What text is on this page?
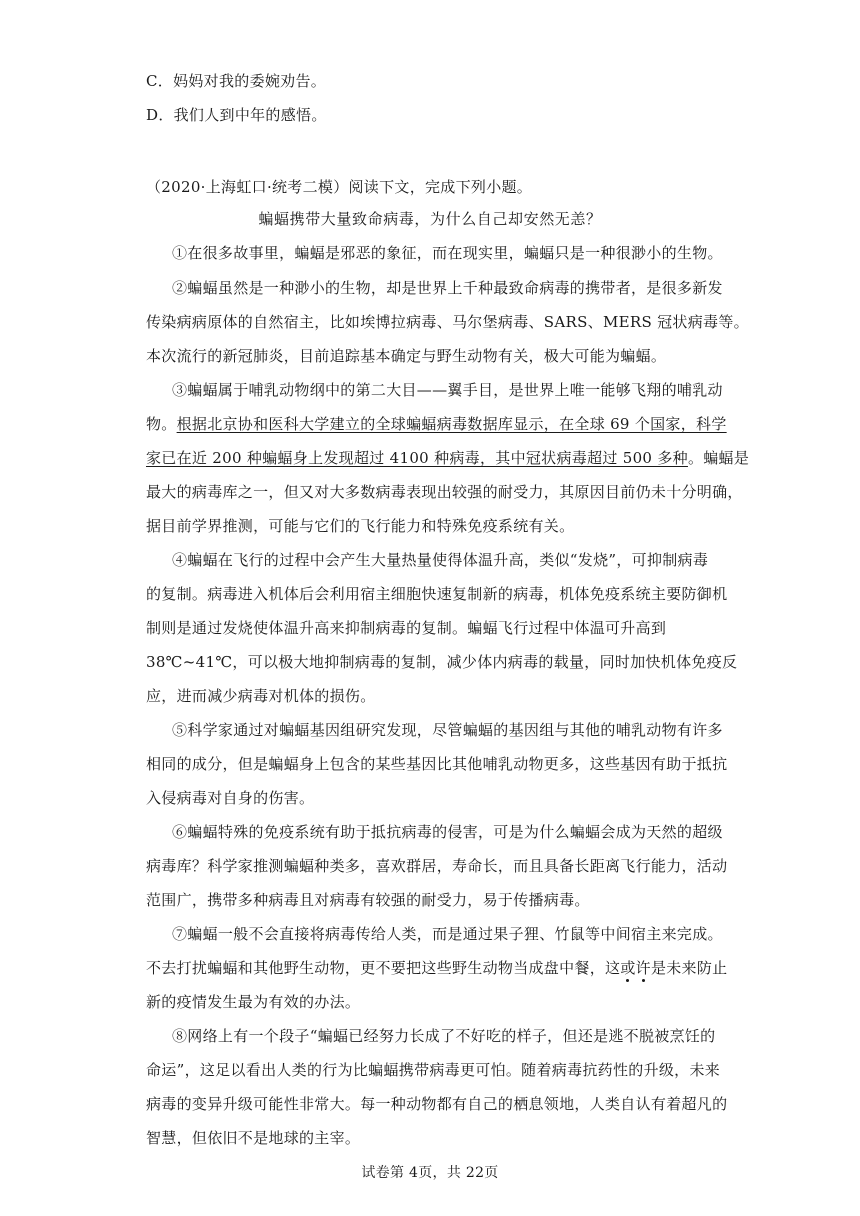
C．妈妈对我的委婉劝告。
D．我们人到中年的感悟。
（2020·上海虹口·统考二模）阅读下文，完成下列小题。
蝙蝠携带大量致命病毒，为什么自己却安然无恙？
①在很多故事里，蝙蝠是邪恶的象征，而在现实里，蝙蝠只是一种很渺小的生物。
②蝙蝠虽然是一种渺小的生物，却是世界上千种最致命病毒的携带者，是很多新发
传染病病原体的自然宿主，比如埃博拉病毒、马尔堡病毒、SARS、MERS 冠状病毒等。
本次流行的新冠肺炎，目前追踪基本确定与野生动物有关，极大可能为蝙蝠。
③蝙蝠属于哺乳动物纲中的第二大目——翼手目，是世界上唯一能够飞翔的哺乳动
物。根据北京协和医科大学建立的全球蝙蝠病毒数据库显示，在全球 69 个国家，科学
家已在近 200 种蝙蝠身上发现超过 4100 种病毒，其中冠状病毒超过 500 多种。蝙蝠是
最大的病毒库之一，但又对大多数病毒表现出较强的耐受力，其原因目前仍未十分明确，
据目前学界推测，可能与它们的飞行能力和特殊免疫系统有关。
④蝙蝠在飞行的过程中会产生大量热量使得体温升高，类似“发烧”，可抑制病毒
的复制。病毒进入机体后会利用宿主细胞快速复制新的病毒，机体免疫系统主要防御机
制则是通过发烧使体温升高来抑制病毒的复制。蝙蝠飞行过程中体温可升高到
38℃~41℃，可以极大地抑制病毒的复制，减少体内病毒的载量，同时加快机体免疫反
应，进而减少病毒对机体的损伤。
⑤科学家通过对蝙蝠基因组研究发现，尽管蝙蝠的基因组与其他的哺乳动物有许多
相同的成分，但是蝙蝠身上包含的某些基因比其他哺乳动物更多，这些基因有助于抵抗
入侵病毒对自身的伤害。
⑥蝙蝠特殊的免疫系统有助于抵抗病毒的侵害，可是为什么蝙蝠会成为天然的超级
病毒库？科学家推测蝙蝠种类多，喜欢群居，寿命长，而且具备长距离飞行能力，活动
范围广，携带多种病毒且对病毒有较强的耐受力，易于传播病毒。
⑦蝙蝠一般不会直接将病毒传给人类，而是通过果子狸、竹鼠等中间宿主来完成。
不去打扰蝙蝠和其他野生动物，更不要把这些野生动物当成盘中餐，这或许是未来防止
新的疫情发生最为有效的办法。
⑧网络上有一个段子“蝙蝠已经努力长成了不好吃的样子，但还是逃不脱被烹饪的
命运”，这足以看出人类的行为比蝙蝠携带病毒更可怕。随着病毒抗药性的升级，未来
病毒的变异升级可能性非常大。每一种动物都有自己的栖息领地，人类自认有着超凡的
智慧，但依旧不是地球的主宰。
试卷第 4页，共 22页
